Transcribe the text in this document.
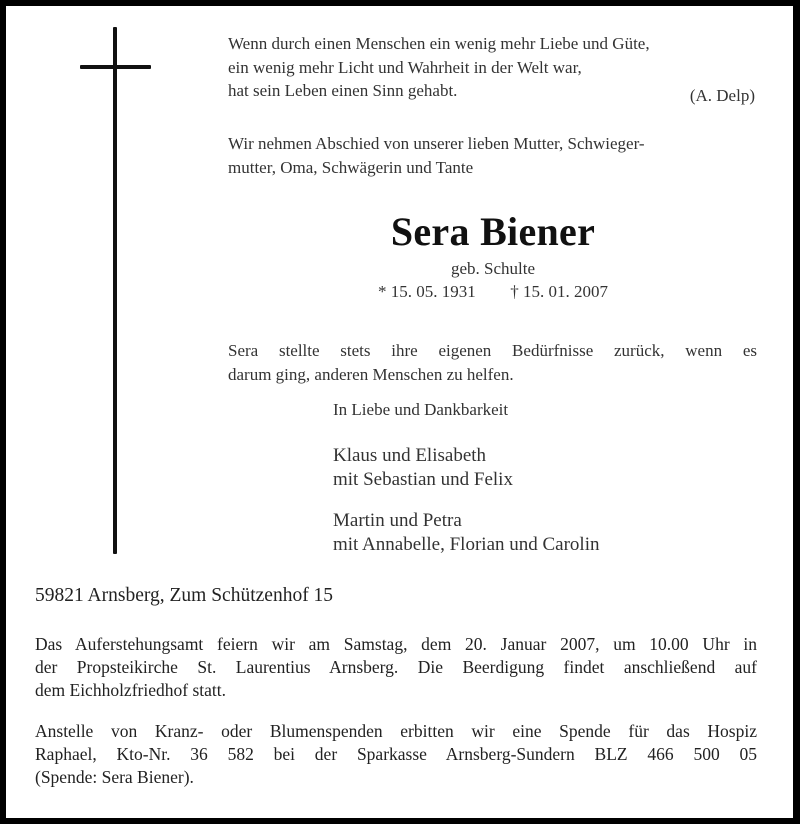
Wenn durch einen Menschen ein wenig mehr Liebe und Güte,
ein wenig mehr Licht und Wahrheit in der Welt war,
hat sein Leben einen Sinn gehabt.	(A. Delp)
Wir nehmen Abschied von unserer lieben Mutter, Schwieger-
mutter, Oma, Schwägerin und Tante
Sera Biener
geb. Schulte
* 15. 05. 1931 † 15. 01. 2007
Sera stellte stets ihre eigenen Bedürfnisse zurück, wenn es
darum ging, anderen Menschen zu helfen.
In Liebe und Dankbarkeit
Klaus und Elisabeth
mit Sebastian und Felix
Martin und Petra
mit Annabelle, Florian und Carolin
59821 Arnsberg, Zum Schützenhof 15
Das Auferstehungsamt feiern wir am Samstag, dem 20. Januar 2007, um 10.00 Uhr in
der Propsteikirche St. Laurentius Arnsberg. Die Beerdigung findet anschließend auf
dem Eichholzfriedhof statt.
Anstelle von Kranz- oder Blumenspenden erbitten wir eine Spende für das Hospiz
Raphael, Kto-Nr. 36 582 bei der Sparkasse Arnsberg-Sundern BLZ 466 500 05
(Spende: Sera Biener).
